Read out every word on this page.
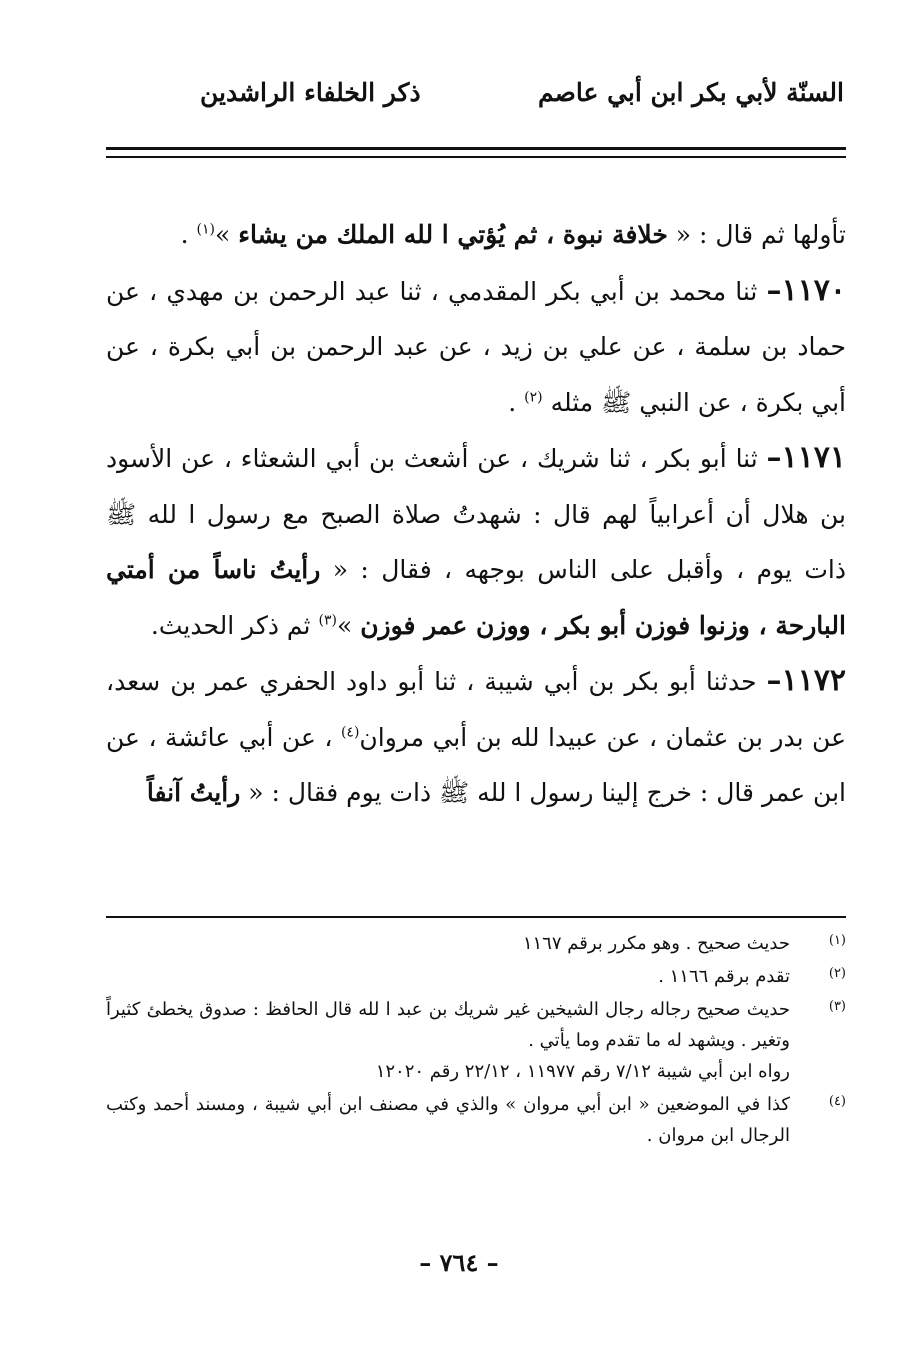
السنّة لأبي بكر ابن أبي عاصم
ذكر الخلفاء الراشدين

تأولها ثم قال : « خلافة نبوة ، ثم يُؤتي ا لله الملك من يشاء »$^{(١)}$ .

١١٧٠– ثنا محمد بن أبي بكر المقدمي ، ثنا عبد الرحمن بن مهدي ، عن حماد بن سلمة ، عن علي بن زيد ، عن عبد الرحمن بن أبي بكرة ، عن أبي بكرة ، عن النبي ﷺ مثله $^{(٢)}$ .

١١٧١– ثنا أبو بكر ، ثنا شريك ، عن أشعث بن أبي الشعثاء ، عن الأسود بن هلال أن أعرابياً لهم قال : شهدتُ صلاة الصبح مع رسول ا لله ﷺ ذات يوم ، وأقبل على الناس بوجهه ، فقال : « رأيتُ ناساً من أمتي البارحة ، وزنوا فوزن أبو بكر ، ووزن عمر فوزن »$^{(٣)}$ ثم ذكر الحديث.

١١٧٢– حدثنا أبو بكر بن أبي شيبة ، ثنا أبو داود الحفري عمر بن سعد، عن بدر بن عثمان ، عن عبيدا لله بن أبي مروان$^{(٤)}$ ، عن أبي عائشة ، عن ابن عمر قال : خرج إلينا رسول ا لله ﷺ ذات يوم فقال : « رأيتُ آنفاً

(١)
حديث صحيح . وهو مكرر برقم ١١٦٧
(٢)
تقدم برقم ١١٦٦ .
(٣)
حديث صحيح رجاله رجال الشيخين غير شريك بن عبد ا لله قال الحافظ : صدوق يخطئ كثيراً وتغير . ويشهد له ما تقدم وما يأتي .
رواه ابن أبي شيبة ٧/١٢ رقم ١١٩٧٧ ، ٢٢/١٢ رقم ١٢٠٢٠
(٤)
كذا في الموضعين « ابن أبي مروان » والذي في مصنف ابن أبي شيبة ، ومسند أحمد وكتب الرجال ابن مروان .
– ٧٦٤ –
